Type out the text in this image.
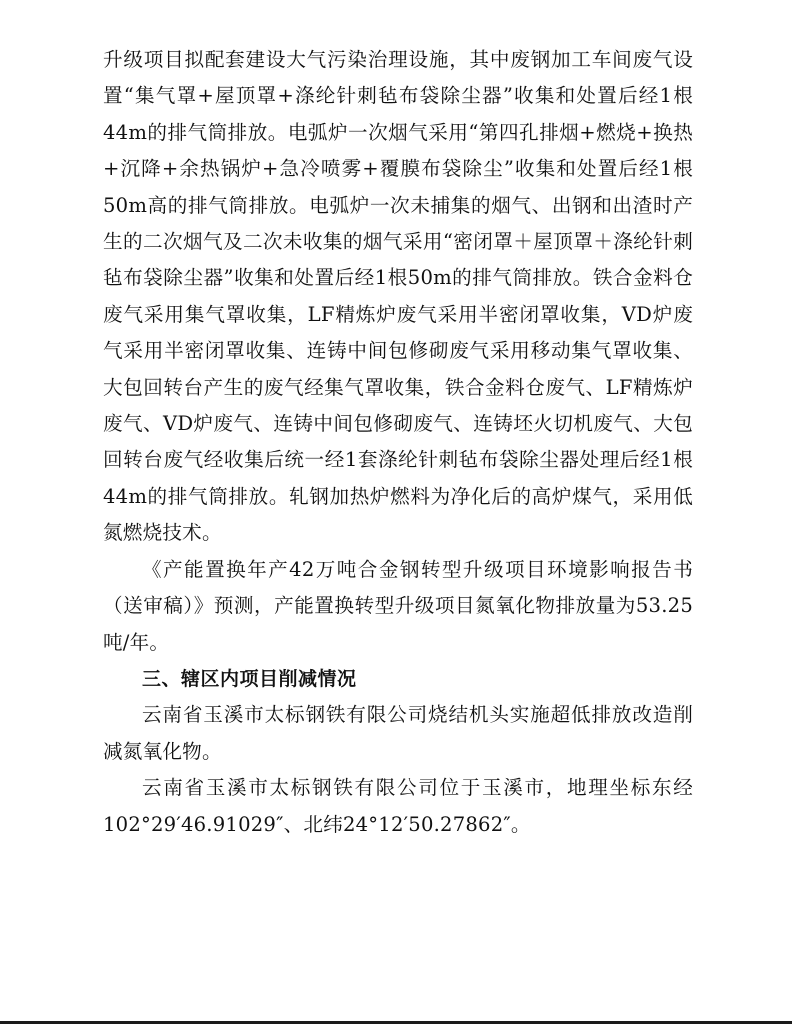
升级项目拟配套建设大气污染治理设施，其中废钢加工车间废气设置“集气罩+屋顶罩+涤纶针刺毡布袋除尘器”收集和处置后经1根44m的排气筒排放。电弧炉一次烟气采用“第四孔排烟+燃烧+换热+沉降+余热锅炉+急冷喷雾+覆膜布袋除尘”收集和处置后经1根50m高的排气筒排放。电弧炉一次未捕集的烟气、出钢和出渣时产生的二次烟气及二次未收集的烟气采用“密闭罩＋屋顶罩＋涤纶针刺毡布袋除尘器”收集和处置后经1根50m的排气筒排放。铁合金料仓废气采用集气罩收集，LF精炼炉废气采用半密闭罩收集，VD炉废气采用半密闭罩收集、连铸中间包修砌废气采用移动集气罩收集、大包回转台产生的废气经集气罩收集，铁合金料仓废气、LF精炼炉废气、VD炉废气、连铸中间包修砌废气、连铸坯火切机废气、大包回转台废气经收集后统一经1套涤纶针刺毡布袋除尘器处理后经1根44m的排气筒排放。轧钢加热炉燃料为净化后的高炉煤气，采用低氮燃烧技术。

《产能置换年产42万吨合金钢转型升级项目环境影响报告书（送审稿）》预测，产能置换转型升级项目氮氧化物排放量为53.25吨/年。

三、辖区内项目削减情况

云南省玉溪市太标钢铁有限公司烧结机头实施超低排放改造削减氮氧化物。

云南省玉溪市太标钢铁有限公司位于玉溪市，地理坐标东经102°29′46.91029″、北纬24°12′50.27862″。
